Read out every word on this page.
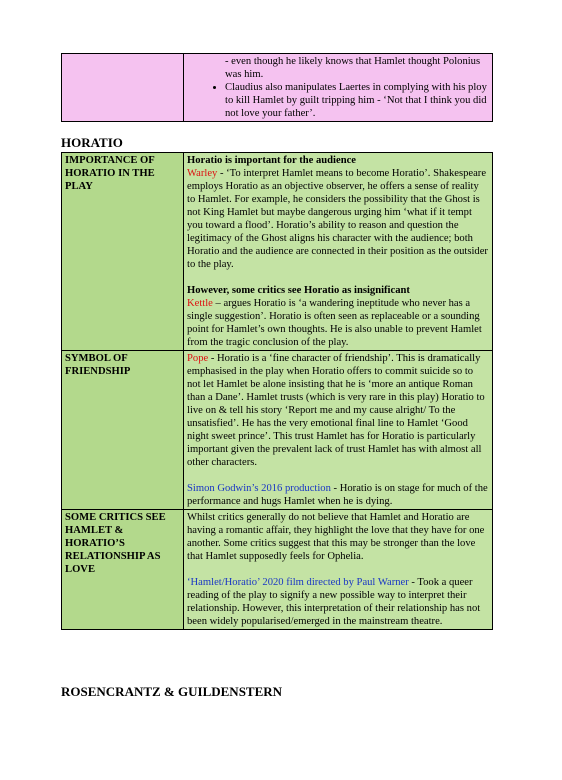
- even though he likely knows that Hamlet thought Polonius was him.
• Claudius also manipulates Laertes in complying with his ploy to kill Hamlet by guilt tripping him - ‘Not that I think you did not love your father’.
HORATIO
IMPORTANCE OF HORATIO IN THE PLAY	Horatio is important for the audience
Warley - ‘To interpret Hamlet means to become Horatio’. Shakespeare employs Horatio as an objective observer, he offers a sense of reality to Hamlet. For example, he considers the possibility that the Ghost is not King Hamlet but maybe dangerous urging him ‘what if it tempt you toward a flood’. Horatio’s ability to reason and question the legitimacy of the Ghost aligns his character with the audience; both Horatio and the audience are connected in their position as the outsider to the play.
However, some critics see Horatio as insignificant
Kettle – argues Horatio is ‘a wandering ineptitude who never has a single suggestion’. Horatio is often seen as replaceable or a sounding point for Hamlet’s own thoughts. He is also unable to prevent Hamlet from the tragic conclusion of the play.

SYMBOL OF FRIENDSHIP	Pope - Horatio is a ‘fine character of friendship’. This is dramatically emphasised in the play when Horatio offers to commit suicide so to not let Hamlet be alone insisting that he is ‘more an antique Roman than a Dane’. Hamlet trusts (which is very rare in this play) Horatio to live on & tell his story ‘Report me and my cause alright/ To the unsatisfied’. He has the very emotional final line to Hamlet ‘Good night sweet prince’. This trust Hamlet has for Horatio is particularly important given the prevalent lack of trust Hamlet has with almost all other characters.
Simon Godwin’s 2016 production - Horatio is on stage for much of the performance and hugs Hamlet when he is dying.

SOME CRITICS SEE HAMLET & HORATIO’S RELATIONSHIP AS LOVE	Whilst critics generally do not believe that Hamlet and Horatio are having a romantic affair, they highlight the love that they have for one another. Some critics suggest that this may be stronger than the love that Hamlet supposedly feels for Ophelia.
‘Hamlet/Horatio’ 2020 film directed by Paul Warner - Took a queer reading of the play to signify a new possible way to interpret their relationship. However, this interpretation of their relationship has not been widely popularised/emerged in the mainstream theatre.
ROSENCRANTZ & GUILDENSTERN
